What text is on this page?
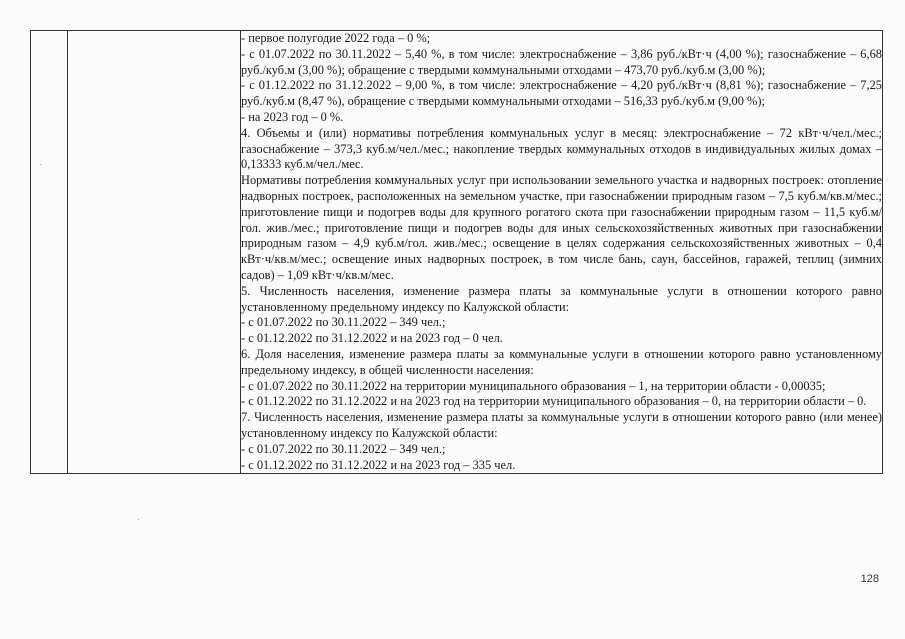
- первое полугодие 2022 года – 0 %;

- с 01.07.2022 по 30.11.2022 – 5,40 %, в том числе: электроснабжение – 3,86 руб./кВт·ч (4,00 %); газоснабжение – 6,68 руб./куб.м (3,00 %); обращение с твердыми коммунальными отходами – 473,70 руб./куб.м (3,00 %);

- с 01.12.2022 по 31.12.2022 – 9,00 %, в том числе: электроснабжение – 4,20 руб./кВт·ч (8,81 %); газоснабжение – 7,25 руб./куб.м (8,47 %), обращение с твердыми коммунальными отходами – 516,33 руб./куб.м (9,00 %);

- на 2023 год – 0 %.

4. Объемы и (или) нормативы потребления коммунальных услуг в месяц: электроснабжение – 72 кВт·ч/чел./мес.; газоснабжение – 373,3 куб.м/чел./мес.; накопление твердых коммунальных отходов в индивидуальных жилых домах – 0,13333 куб.м/чел./мес.

Нормативы потребления коммунальных услуг при использовании земельного участка и надворных построек: отопление надворных построек, расположенных на земельном участке, при газоснабжении природным газом – 7,5 куб.м/кв.м/мес.; приготовление пищи и подогрев воды для крупного рогатого скота при газоснабжении природным газом – 11,5 куб.м/гол. жив./мес.; приготовление пищи и подогрев воды для иных сельскохозяйственных животных при газоснабжении природным газом – 4,9 куб.м/гол. жив./мес.; освещение в целях содержания сельскохозяйственных животных – 0,4 кВт·ч/кв.м/мес.; освещение иных надворных построек, в том числе бань, саун, бассейнов, гаражей, теплиц (зимних садов) – 1,09 кВт·ч/кв.м/мес.

5. Численность населения, изменение размера платы за коммунальные услуги в отношении которого равно установленному предельному индексу по Калужской области:

- с 01.07.2022 по 30.11.2022 – 349 чел.;

- с 01.12.2022 по 31.12.2022 и на 2023 год – 0 чел.

6. Доля населения, изменение размера платы за коммунальные услуги в отношении которого равно установленному предельному индексу, в общей численности населения:

- с 01.07.2022 по 30.11.2022 на территории муниципального образования – 1, на территории области - 0,00035;

- с 01.12.2022 по 31.12.2022 и на 2023 год на территории муниципального образования – 0, на территории области – 0.

7. Численность населения, изменение размера платы за коммунальные услуги в отношении которого равно (или менее) установленному индексу по Калужской области:

- с 01.07.2022 по 30.11.2022 – 349 чел.;

- с 01.12.2022 по 31.12.2022 и на 2023 год – 335 чел.

128
